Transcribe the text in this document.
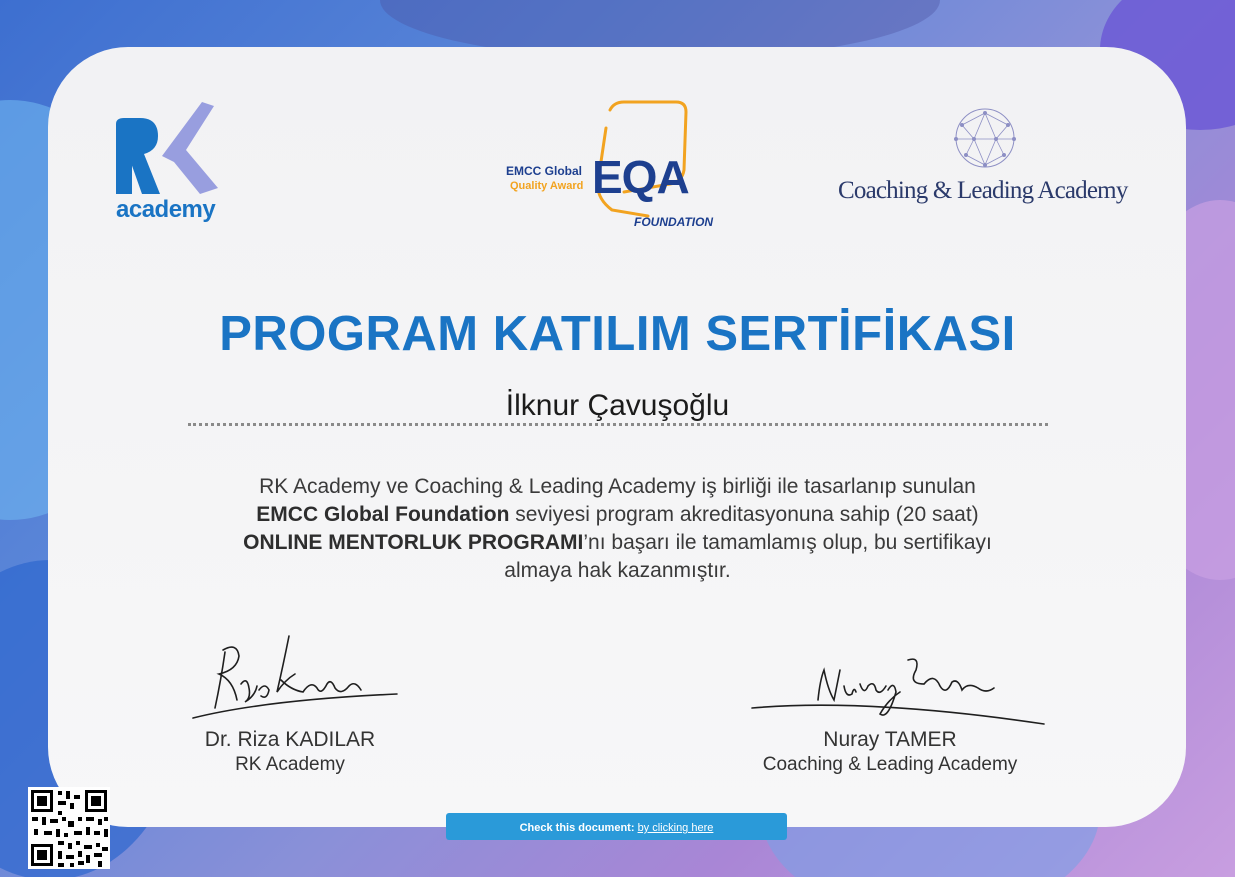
academy
EMCC Global
Quality Award EQA
FOUNDATION
Coaching & Leading Academy
PROGRAM KATILIM SERTİFİKASI
İlknur Çavuşoğlu
RK Academy ve Coaching & Leading Academy iş birliği ile tasarlanıp sunulan
EMCC Global Foundation seviyesi program akreditasyonuna sahip (20 saat)
ONLINE MENTORLUK PROGRAMI’nı başarı ile tamamlamış olup, bu sertifikayı
almaya hak kazanmıştır.
Dr. Riza KADILAR
RK Academy
Nuray TAMER
Coaching & Leading Academy
Check this document: by clicking here
